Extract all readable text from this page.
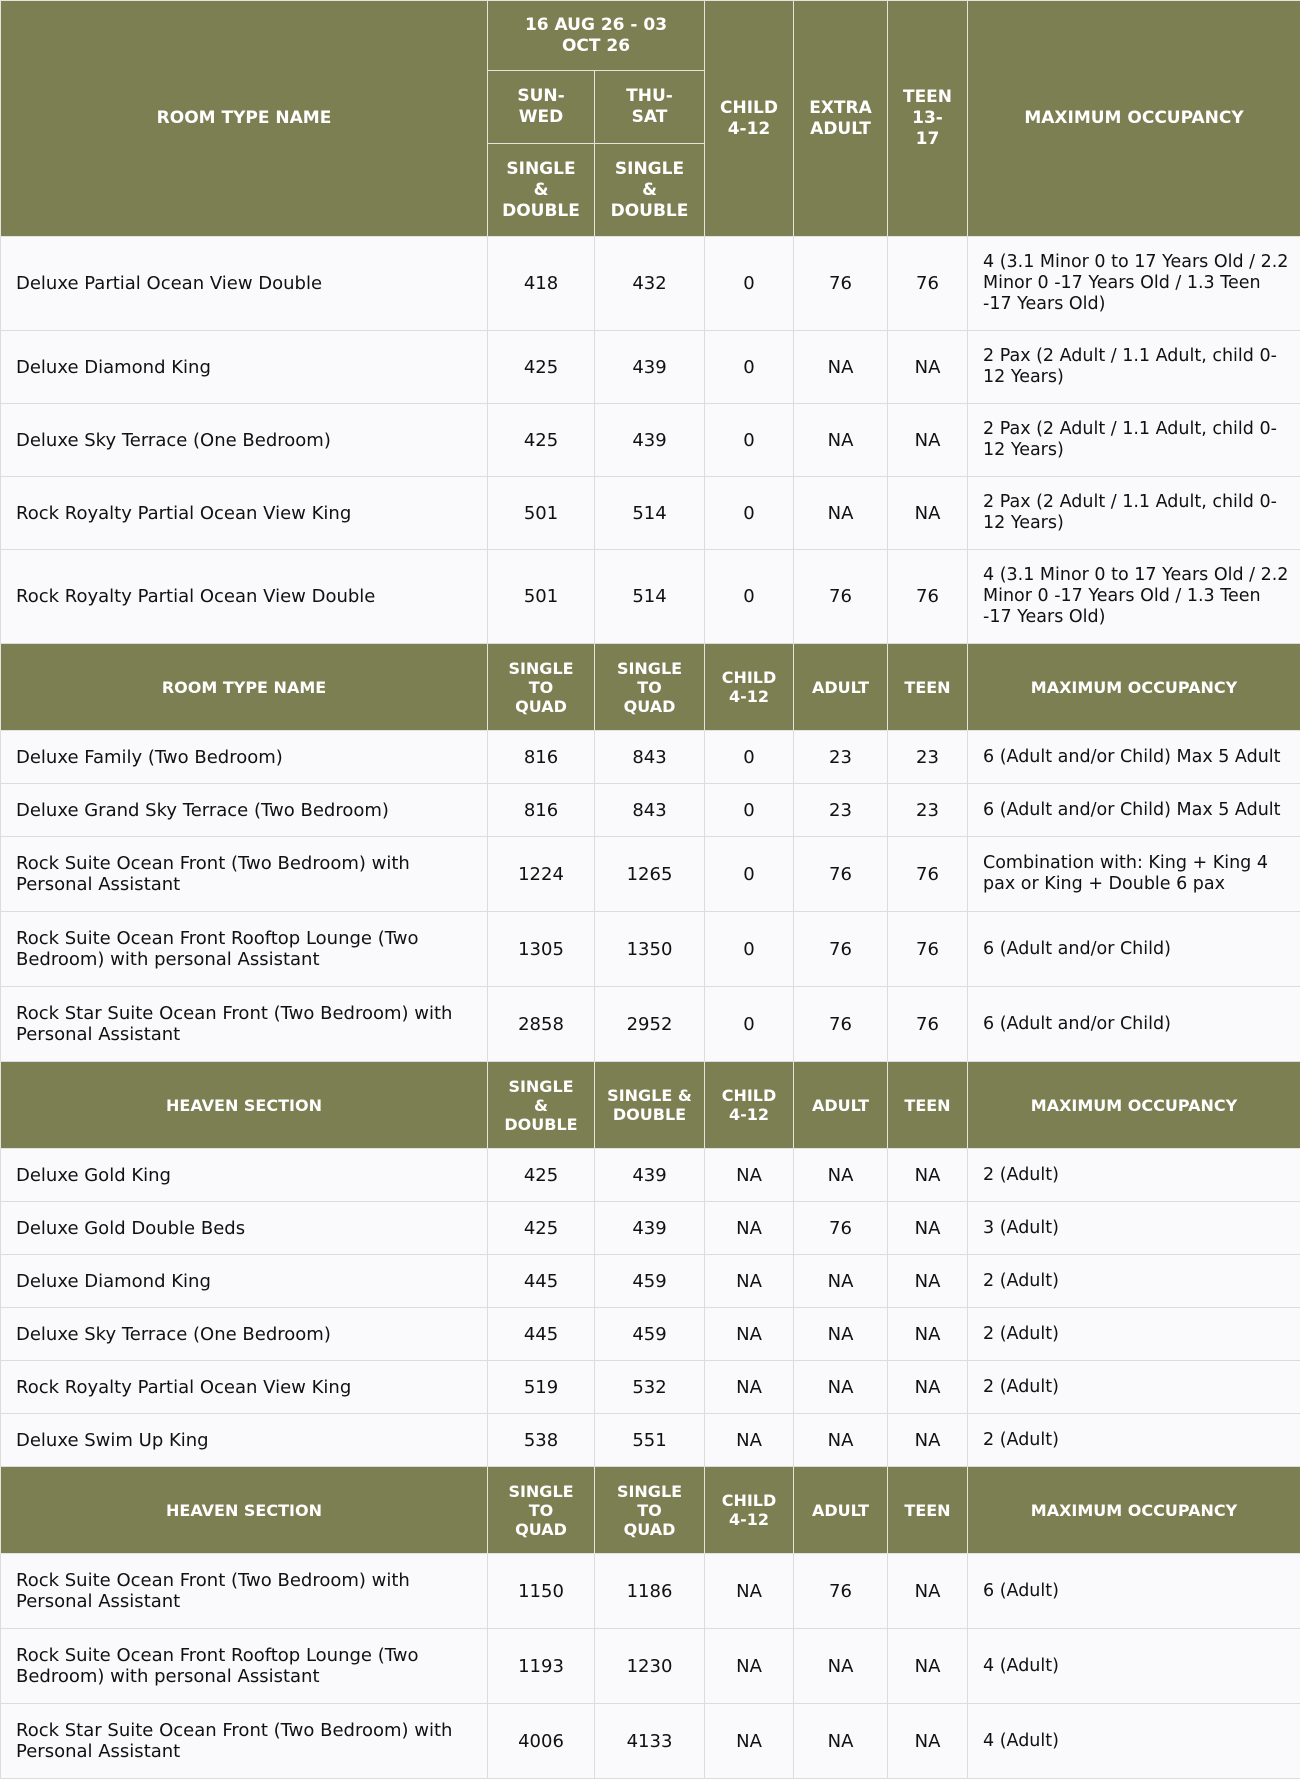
ROOM TYPE NAME	16 AUG 26 - 03 OCT 26		CHILD 4-12	EXTRA ADULT	TEEN 13-17	MAXIMUM OCCUPANCY
	SUN-WED	THU-SAT				
	SINGLE & DOUBLE	SINGLE & DOUBLE				
Deluxe Partial Ocean View Double	418	432	0	76	76	4 (3.1 Minor 0 to 17 Years Old / 2.2 Minor 0 -17 Years Old / 1.3 Teen -17 Years Old)
Deluxe Diamond King	425	439	0	NA	NA	2 Pax (2 Adult / 1.1 Adult, child 0-12 Years)
Deluxe Sky Terrace (One Bedroom)	425	439	0	NA	NA	2 Pax (2 Adult / 1.1 Adult, child 0-12 Years)
Rock Royalty Partial Ocean View King	501	514	0	NA	NA	2 Pax (2 Adult / 1.1 Adult, child 0-12 Years)
Rock Royalty Partial Ocean View Double	501	514	0	76	76	4 (3.1 Minor 0 to 17 Years Old / 2.2 Minor 0 -17 Years Old / 1.3 Teen -17 Years Old)
ROOM TYPE NAME	SINGLE TO QUAD	SINGLE TO QUAD	CHILD 4-12	ADULT	TEEN	MAXIMUM OCCUPANCY
Deluxe Family (Two Bedroom)	816	843	0	23	23	6 (Adult and/or Child) Max 5 Adult
Deluxe Grand Sky Terrace (Two Bedroom)	816	843	0	23	23	6 (Adult and/or Child) Max 5 Adult
Rock Suite Ocean Front (Two Bedroom) with Personal Assistant	1224	1265	0	76	76	Combination with: King + King 4 pax or King + Double 6 pax
Rock Suite Ocean Front Rooftop Lounge (Two Bedroom) with personal Assistant	1305	1350	0	76	76	6 (Adult and/or Child)
Rock Star Suite Ocean Front (Two Bedroom) with Personal Assistant	2858	2952	0	76	76	6 (Adult and/or Child)
HEAVEN SECTION	SINGLE & DOUBLE	SINGLE & DOUBLE	CHILD 4-12	ADULT	TEEN	MAXIMUM OCCUPANCY
Deluxe Gold King	425	439	NA	NA	NA	2 (Adult)
Deluxe Gold Double Beds	425	439	NA	76	NA	3 (Adult)
Deluxe Diamond King	445	459	NA	NA	NA	2 (Adult)
Deluxe Sky Terrace (One Bedroom)	445	459	NA	NA	NA	2 (Adult)
Rock Royalty Partial Ocean View King	519	532	NA	NA	NA	2 (Adult)
Deluxe Swim Up King	538	551	NA	NA	NA	2 (Adult)
HEAVEN SECTION	SINGLE TO QUAD	SINGLE TO QUAD	CHILD 4-12	ADULT	TEEN	MAXIMUM OCCUPANCY
Rock Suite Ocean Front (Two Bedroom) with Personal Assistant	1150	1186	NA	76	NA	6 (Adult)
Rock Suite Ocean Front Rooftop Lounge (Two Bedroom) with personal Assistant	1193	1230	NA	NA	NA	4 (Adult)
Rock Star Suite Ocean Front (Two Bedroom) with Personal Assistant	4006	4133	NA	NA	NA	4 (Adult)
